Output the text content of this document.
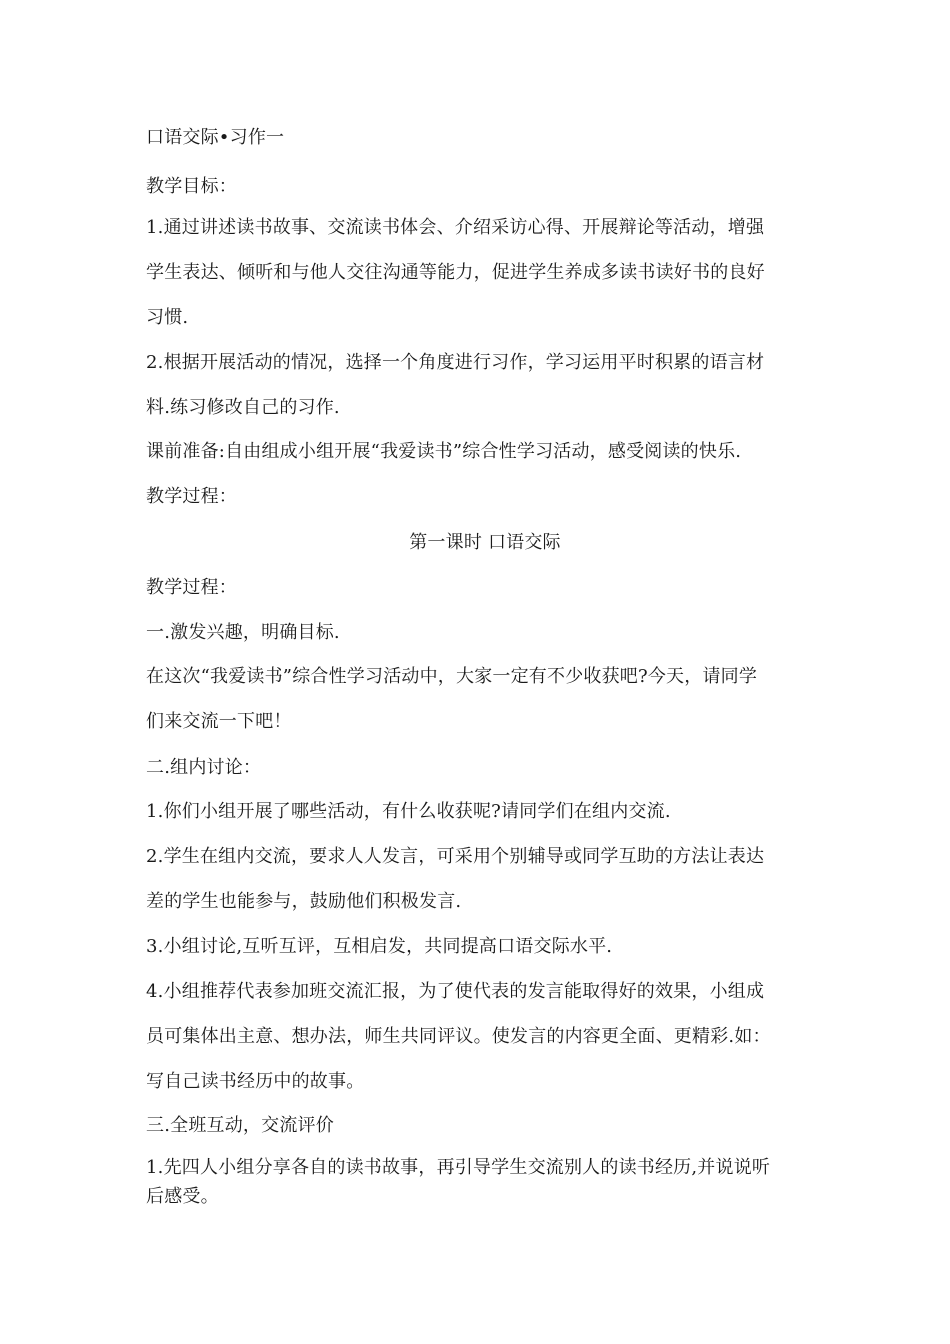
口语交际•习作一
教学目标：
1.通过讲述读书故事、交流读书体会、介绍采访心得、开展辩论等活动，增强
学生表达、倾听和与他人交往沟通等能力，促进学生养成多读书读好书的良好
习惯.
2.根据开展活动的情况，选择一个角度进行习作，学习运用平时积累的语言材
料.练习修改自己的习作.
课前准备:自由组成小组开展“我爱读书”综合性学习活动，感受阅读的快乐.
教学过程：
第一课时 口语交际
教学过程：
一.激发兴趣，明确目标.
在这次“我爱读书”综合性学习活动中，大家一定有不少收获吧?今天，请同学
们来交流一下吧！
二.组内讨论：
1.你们小组开展了哪些活动，有什么收获呢?请同学们在组内交流.
2.学生在组内交流，要求人人发言，可采用个别辅导或同学互助的方法让表达
差的学生也能参与，鼓励他们积极发言.
3.小组讨论,互听互评，互相启发，共同提高口语交际水平.
4.小组推荐代表参加班交流汇报，为了使代表的发言能取得好的效果，小组成
员可集体出主意、想办法，师生共同评议。使发言的内容更全面、更精彩.如：
写自己读书经历中的故事。
三.全班互动，交流评价
1.先四人小组分享各自的读书故事，再引导学生交流别人的读书经历,并说说听
后感受。
